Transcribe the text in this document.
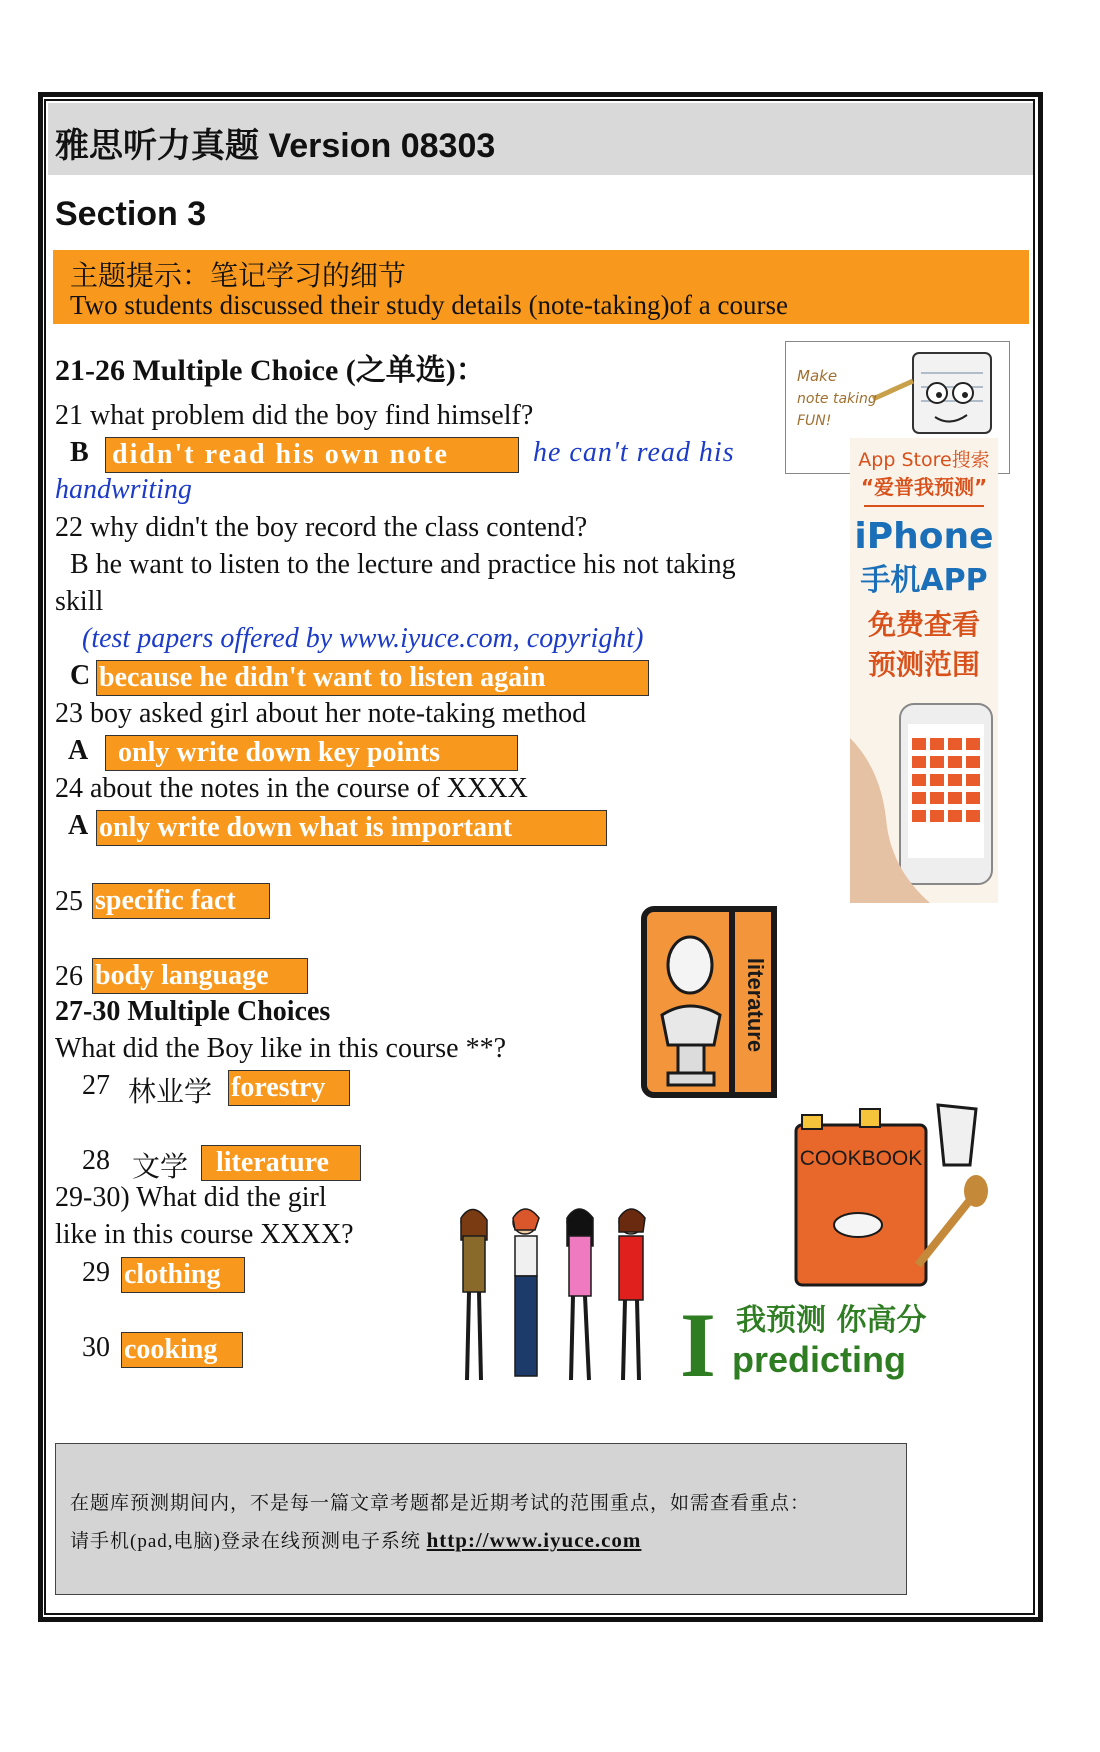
雅思听力真题 Version 08303
Section 3
主题提示：笔记学习的细节
Two students discussed their study details (note-taking)of a course
21-26 Multiple Choice (之单选)：
21 what problem did the boy find himself?
B didn't read his own note	he can't read his
handwriting
22 why didn't the boy record the class contend?
B he want to listen to the lecture and practice his not taking
skill
(test papers offered by www.iyuce.com, copyright)
C because he didn't want to listen again
23 boy asked girl about her note-taking method
A	only write down key points
24 about the notes in the course of XXXX
A only write down what is important
25 specific fact
26 body language
27-30 Multiple Choices
What did the Boy like in this course **?
27 林业学 forestry
28 文学 literature
29-30) What did the girl
like in this course XXXX?
29 clothing
30 cooking
Make
note taking
FUN!
App Store搜索
“爱普我预测”
iPhone
手机APP
免费查看
预测范围
literature
COOKBOOK
I 我预测 你高分
predicting
在题库预测期间内，不是每一篇文章考题都是近期考试的范围重点，如需查看重点：
请手机(pad,电脑)登录在线预测电子系统 http://www.iyuce.com
